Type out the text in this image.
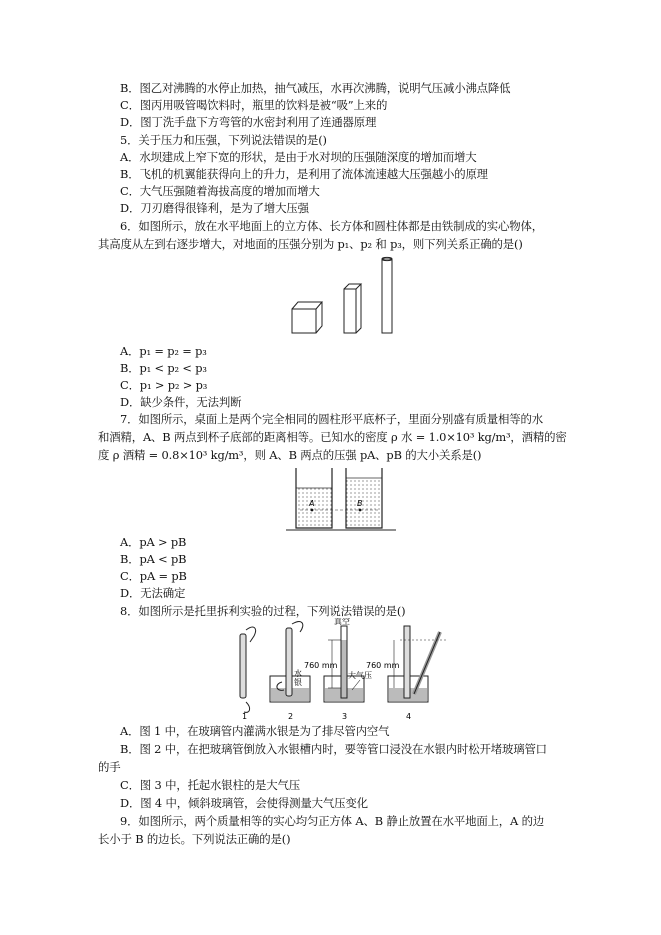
B．图乙对沸腾的水停止加热，抽气减压，水再次沸腾，说明气压减小沸点降低
C．图丙用吸管喝饮料时，瓶里的饮料是被“吸”上来的
D．图丁洗手盘下方弯管的水密封利用了连通器原理
5．关于压力和压强，下列说法错误的是()
A．水坝建成上窄下宽的形状，是由于水对坝的压强随深度的增加而增大
B．飞机的机翼能获得向上的升力，是利用了流体流速越大压强越小的原理
C．大气压强随着海拔高度的增加而增大
D．刀刃磨得很锋利，是为了增大压强
6．如图所示，放在水平地面上的立方体、长方体和圆柱体都是由铁制成的实心物体，
其高度从左到右逐步增大，对地面的压强分别为 p₁、p₂ 和 p₃，则下列关系正确的是()
A．p₁ = p₂ = p₃
B．p₁ < p₂ < p₃
C．p₁ > p₂ > p₃
D．缺少条件，无法判断
7．如图所示，桌面上是两个完全相同的圆柱形平底杯子，里面分别盛有质量相等的水
和酒精，A、B 两点到杯子底部的距离相等。已知水的密度 ρ 水 = 1.0×10³ kg/m³，酒精的密
度 ρ 酒精 = 0.8×10³ kg/m³，则 A、B 两点的压强 pA、pB 的大小关系是()
A	B
A．pA > pB
B．pA < pB
C．pA = pB
D．无法确定
8．如图所示是托里拆利实验的过程，下列说法错误的是()
真空
760 mm	760 mm
水
银
大气压
1	2	3	4
A．图 1 中，在玻璃管内灌满水银是为了排尽管内空气
B．图 2 中，在把玻璃管倒放入水银槽内时，要等管口浸没在水银内时松开堵玻璃管口
的手
C．图 3 中，托起水银柱的是大气压
D．图 4 中，倾斜玻璃管，会使得测量大气压变化
9．如图所示，两个质量相等的实心均匀正方体 A、B 静止放置在水平地面上，A 的边
长小于 B 的边长。下列说法正确的是()
